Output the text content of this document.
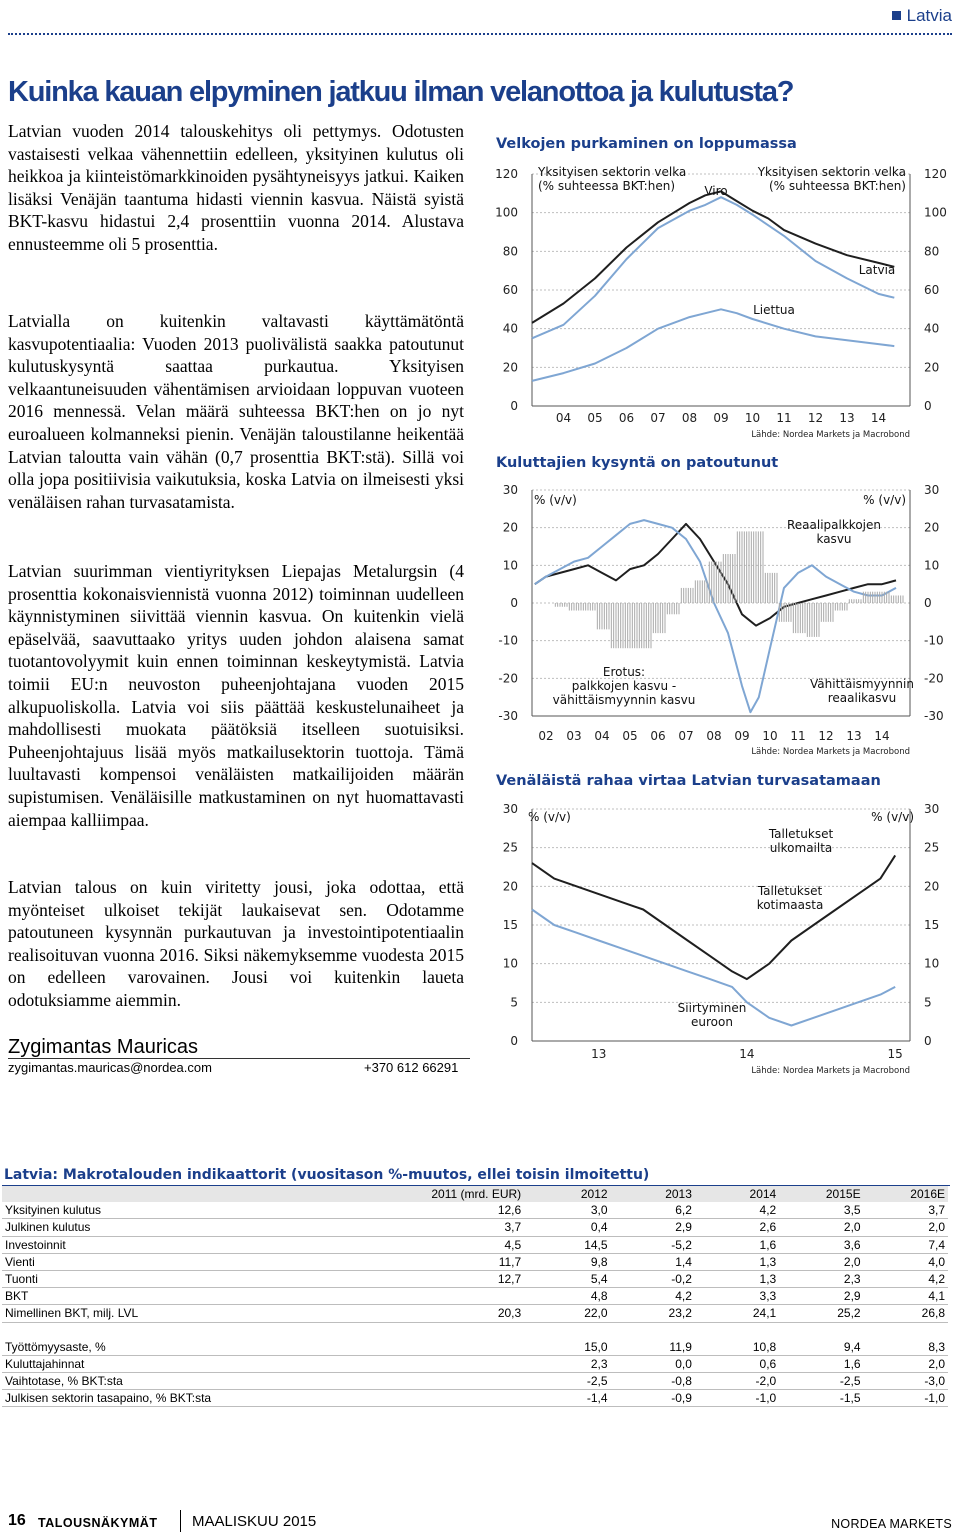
Latvia
Kuinka kauan elpyminen jatkuu ilman velanottoa ja kulutusta?

Latvian vuoden 2014 talouskehitys oli pettymys. Odotusten vastaisesti velkaa vähennettiin edelleen, yksityinen kulutus oli heikkoa ja kiinteistömarkkinoiden pysähtyneisyys jatkui. Kaiken lisäksi Venäjän taantuma hidasti viennin kasvua. Näistä syistä BKT-kasvu hidastui 2,4 prosenttiin vuonna 2014. Alustava ennusteemme oli 5 prosenttia.

Latvialla on kuitenkin valtavasti käyttämätöntä kasvupotentiaalia: Vuoden 2013 puolivälistä saakka patoutunut kulutuskysyntä saattaa purkautua. Yksityisen velkaantuneisuuden vähentämisen arvioidaan loppuvan vuoteen 2016 mennessä. Velan määrä suhteessa BKT:hen on jo nyt euroalueen kolmanneksi pienin. Venäjän taloustilanne heikentää Latvian taloutta vain vähän (0,7 prosenttia BKT:stä). Sillä voi olla jopa positiivisia vaikutuksia, koska Latvia on ilmeisesti yksi venäläisen rahan turvasatamista.

Latvian suurimman vientiyrityksen Liepajas Metalurgsin (4 prosenttia kokonaisviennistä vuonna 2012) toiminnan uudelleen käynnistyminen siivittää viennin kasvua. On kuitenkin vielä epäselvää, saavuttaako yritys uuden johdon alaisena samat tuotantovolyymit kuin ennen toiminnan keskeytymistä. Latvia toimii EU:n neuvoston puheenjohtajana vuoden 2015 alkupuoliskolla. Latvia voi siis päättää keskustelunaiheet ja mahdollisesti muokata päätöksiä itselleen suotuisiksi. Puheenjohtajuus lisää myös matkailusektorin tuottoja. Tämä luultavasti kompensoi venäläisten matkailijoiden määrän supistumisen. Venäläisille matkustaminen on nyt huomattavasti aiempaa kalliimpaa.

Latvian talous on kuin viritetty jousi, joka odottaa, että myönteiset ulkoiset tekijät laukaisevat sen. Odotamme patoutuneen kysynnän purkautuvan ja investointipotentiaalin realisoituvan vuonna 2016. Siksi näkemyksemme vuodesta 2015 on edelleen varovainen. Jousi voi kuitenkin laueta odotuksiamme aiemmin.

Zygimantas Mauricas
zygimantas.mauricas@nordea.com	+370 612 66291
Velkojen purkaminen on loppumassa
0	0
20	20
40	40
60	60
80	80
100	100
120	120
04 05 06 07 08 09 10 11 12 13 14
Yksityisen sektorin velka
(% suhteessa BKT:hen)
Yksityisen sektorin velka
(% suhteessa BKT:hen)
Viro
Liettua
Latvia
Lähde: Nordea Markets ja Macrobond
Kuluttajien kysyntä on patoutunut
-30	-30
-20	-20
-10	-10
0	0
10	10
20	20
30	30
02 03 04 05 06 07 08 09 10 11 12 13 14
% (v/v)	% (v/v)
Reaalipalkkojen
kasvu
Erotus:
palkkojen kasvu -
vähittäismyynnin kasvu
Vähittäismyynnin
reaalikasvu
Lähde: Nordea Markets ja Macrobond
Venäläistä rahaa virtaa Latvian turvasatamaan
0	0
5	5
10	10
15	15
20	20
25	25
30	30
13	14	15
% (v/v)	% (v/v)
Talletukset
ulkomailta
Talletukset
kotimaasta
Siirtyminen
euroon
Lähde: Nordea Markets ja Macrobond
Latvia: Makrotalouden indikaattorit (vuositason %-muutos, ellei toisin ilmoitettu)
	2011 (mrd. EUR)	2012	2013	2014	2015E	2016E
Yksityinen kulutus	12,6	3,0	6,2	4,2	3,5	3,7
Julkinen kulutus	3,7	0,4	2,9	2,6	2,0	2,0
Investoinnit	4,5	14,5	-5,2	1,6	3,6	7,4
Vienti	11,7	9,8	1,4	1,3	2,0	4,0
Tuonti	12,7	5,4	-0,2	1,3	2,3	4,2
BKT		4,8	4,2	3,3	2,9	4,1
Nimellinen BKT, milj. LVL	20,3	22,0	23,2	24,1	25,2	26,8

Työttömyysaste, %		15,0	11,9	10,8	9,4	8,3
Kuluttajahinnat		2,3	0,0	0,6	1,6	2,0
Vaihtotase, % BKT:sta		-2,5	-0,8	-2,0	-2,5	-3,0
Julkisen sektorin tasapaino, % BKT:sta		-1,4	-0,9	-1,0	-1,5	-1,0
16 TALOUSNÄKYMÄT MAALISKUU 2015	NORDEA MARKETS
